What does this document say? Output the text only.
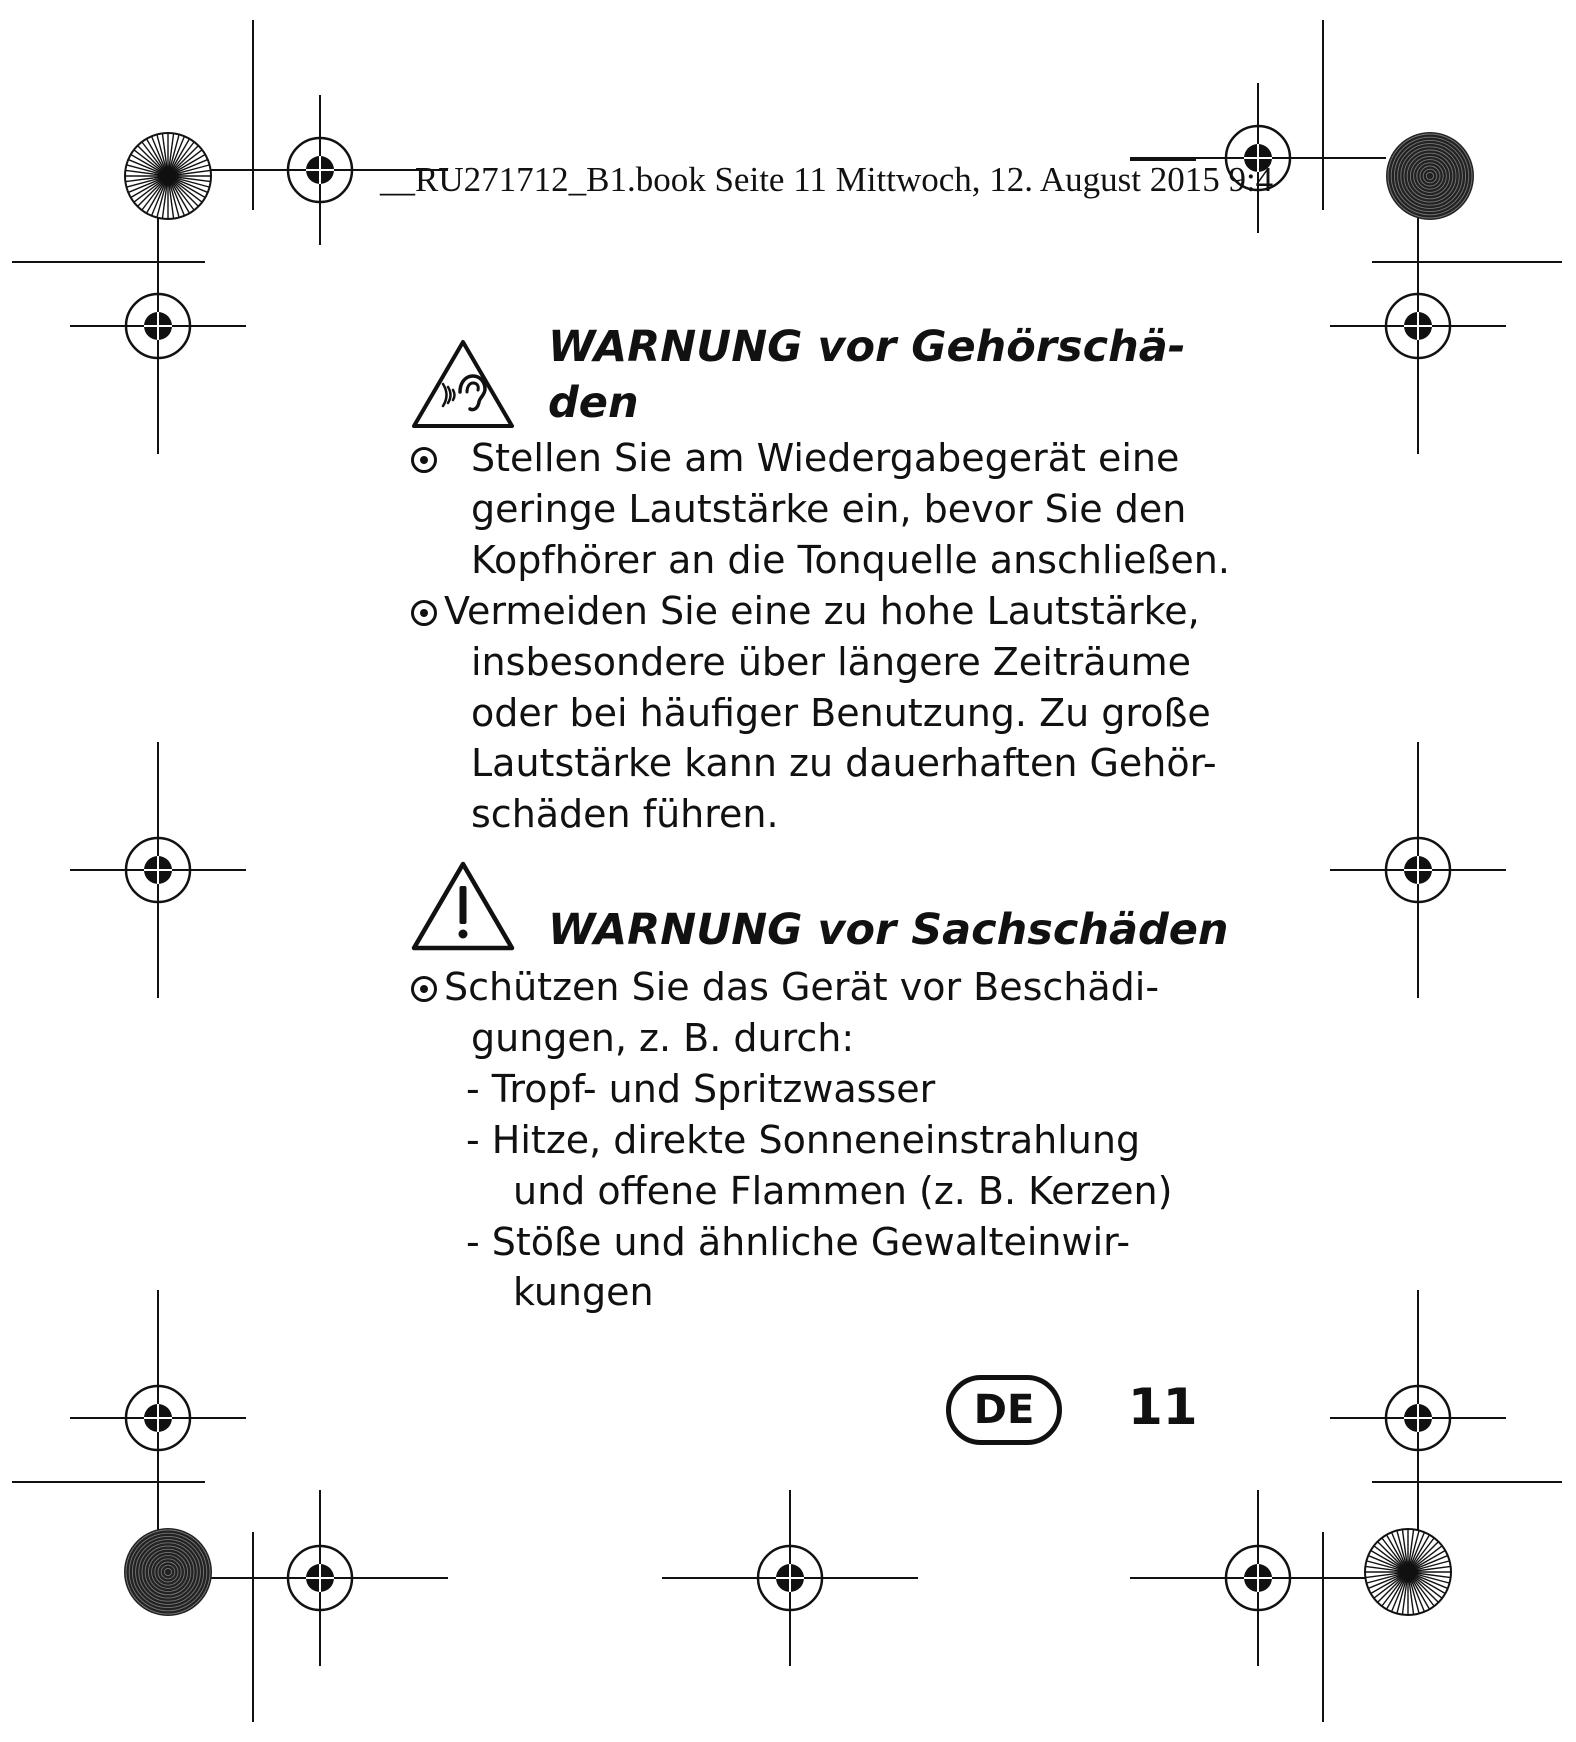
__RU271712_B1.book Seite 11 Mittwoch, 12. August 2015 9:4
WARNUNG vor Gehörschä-
den
Stellen Sie am Wiedergabegerät eine
geringe Lautstärke ein, bevor Sie den
Kopfhörer an die Tonquelle anschließen.
Vermeiden Sie eine zu hohe Lautstärke,
insbesondere über längere Zeiträume
oder bei häufiger Benutzung. Zu große
Lautstärke kann zu dauerhaften Gehör-
schäden führen.
WARNUNG vor Sachschäden
Schützen Sie das Gerät vor Beschädi-
gungen, z. B. durch:
- Tropf- und Spritzwasser
- Hitze, direkte Sonneneinstrahlung
und offene Flammen (z. B. Kerzen)
- Stöße und ähnliche Gewalteinwir-
kungen
DE	11
